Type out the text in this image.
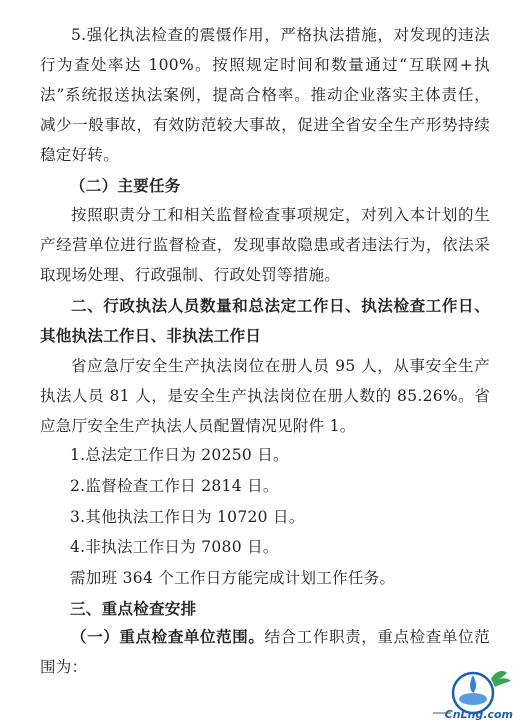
5.强化执法检查的震慑作用，严格执法措施，对发现的违法行为查处率达 100%。按照规定时间和数量通过“互联网+执法”系统报送执法案例，提高合格率。推动企业落实主体责任，减少一般事故，有效防范较大事故，促进全省安全生产形势持续稳定好转。

（二）主要任务

按照职责分工和相关监督检查事项规定，对列入本计划的生产经营单位进行监督检查，发现事故隐患或者违法行为，依法采取现场处理、行政强制、行政处罚等措施。

二、行政执法人员数量和总法定工作日、执法检查工作日、其他执法工作日、非执法工作日

省应急厅安全生产执法岗位在册人员 95 人，从事安全生产执法人员 81 人，是安全生产执法岗位在册人数的 85.26%。省应急厅安全生产执法人员配置情况见附件 1。

1.总法定工作日为 20250 日。
2.监督检查工作日 2814 日。
3.其他执法工作日为 10720 日。
4.非执法工作日为 7080 日。
需加班 364 个工作日方能完成计划工作任务。
三、重点检查安排

（一）重点检查单位范围。结合工作职责，重点检查单位范围为：

CnLng.com
